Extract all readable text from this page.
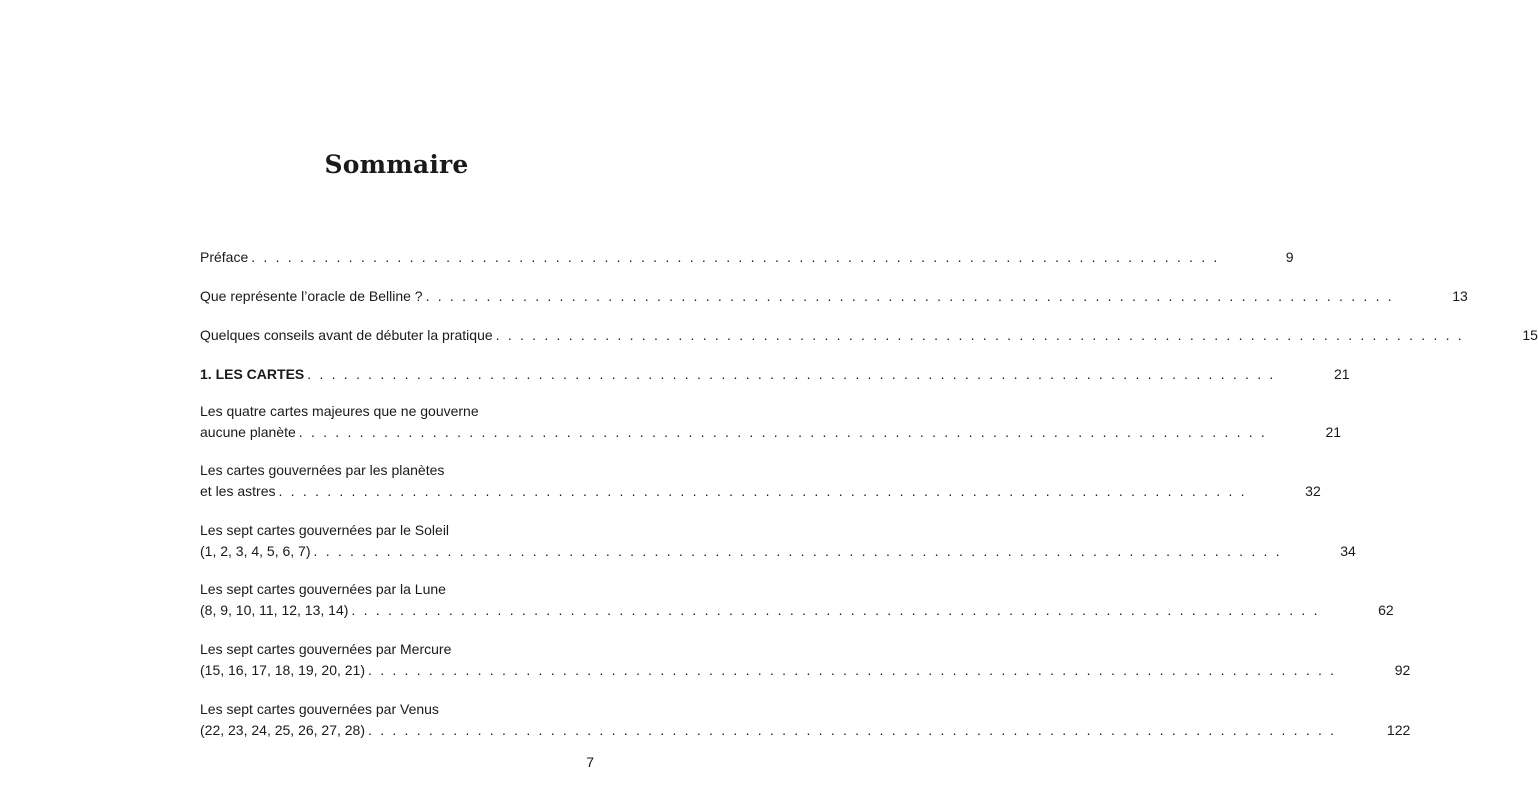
Sommaire
Préface . . . . . . . . . . . . . . . . . . . . . . . . . . . . . . . . . . . . . . . . . . . . . . . . . . . . . . . . . . . . . . . . . . . . . . . . . . . . . . . .	9
Que représente l’oracle de Belline ? . . . . . . . . . . . . . . . . . . . . . . . . . . . . . . . . . . . . . . . . . . . . . . . . . . . . . . . . . . . . . . . . . . . . . . . . . . . . . . . .	13
Quelques conseils avant de débuter la pratique . . . . . . . . . . . . . . . . . . . . . . . . . . . . . . . . . . . . . . . . . . . . . . . . . . . . . . . . . . . . . . . . . . . . . . . . . . . . . . . .	15
1. LES CARTES . . . . . . . . . . . . . . . . . . . . . . . . . . . . . . . . . . . . . . . . . . . . . . . . . . . . . . . . . . . . . . . . . . . . . . . . . . . . . . . .	21
Les quatre cartes majeures que ne gouverne
aucune planète . . . . . . . . . . . . . . . . . . . . . . . . . . . . . . . . . . . . . . . . . . . . . . . . . . . . . . . . . . . . . . . . . . . . . . . . . . . . . . . .	21
Les cartes gouvernées par les planètes
et les astres . . . . . . . . . . . . . . . . . . . . . . . . . . . . . . . . . . . . . . . . . . . . . . . . . . . . . . . . . . . . . . . . . . . . . . . . . . . . . . . .	32
Les sept cartes gouvernées par le Soleil
(1, 2, 3, 4, 5, 6, 7) . . . . . . . . . . . . . . . . . . . . . . . . . . . . . . . . . . . . . . . . . . . . . . . . . . . . . . . . . . . . . . . . . . . . . . . . . . . . . . . .	34
Les sept cartes gouvernées par la Lune
(8, 9, 10, 11, 12, 13, 14) . . . . . . . . . . . . . . . . . . . . . . . . . . . . . . . . . . . . . . . . . . . . . . . . . . . . . . . . . . . . . . . . . . . . . . . . . . . . . . . .	62
Les sept cartes gouvernées par Mercure
(15, 16, 17, 18, 19, 20, 21) . . . . . . . . . . . . . . . . . . . . . . . . . . . . . . . . . . . . . . . . . . . . . . . . . . . . . . . . . . . . . . . . . . . . . . . . . . . . . . . .	92
Les sept cartes gouvernées par Venus
(22, 23, 24, 25, 26, 27, 28) . . . . . . . . . . . . . . . . . . . . . . . . . . . . . . . . . . . . . . . . . . . . . . . . . . . . . . . . . . . . . . . . . . . . . . . . . . . . . . . .	122
7
